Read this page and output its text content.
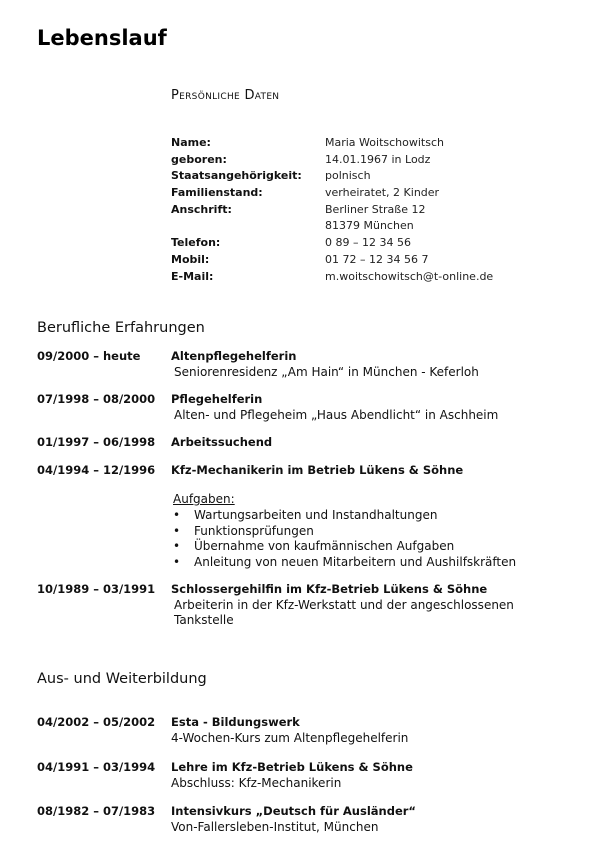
Lebenslauf
Persönliche Daten
Name:	Maria Woitschowitsch
geboren:	14.01.1967 in Lodz
Staatsangehörigkeit:	polnisch
Familienstand:	verheiratet, 2 Kinder
Anschrift:	Berliner Straße 12
81379 München
Telefon:	0 89 – 12 34 56
Mobil:	01 72 – 12 34 56 7
E-Mail:	m.woitschowitsch@t-online.de
Berufliche Erfahrungen
09/2000 – heute	Altenpflegehelferin
Seniorenresidenz „Am Hain“ in München - Keferloh
07/1998 – 08/2000	Pflegehelferin
Alten- und Pflegeheim „Haus Abendlicht“ in Aschheim
01/1997 – 06/1998	Arbeitssuchend
04/1994 – 12/1996	Kfz-Mechanikerin im Betrieb Lükens & Söhne
Aufgaben:
•	Wartungsarbeiten und Instandhaltungen
•	Funktionsprüfungen
•	Übernahme von kaufmännischen Aufgaben
•	Anleitung von neuen Mitarbeitern und Aushilfskräften
10/1989 – 03/1991	Schlossergehilfin im Kfz-Betrieb Lükens & Söhne
Arbeiterin in der Kfz-Werkstatt und der angeschlossenen
Tankstelle
Aus- und Weiterbildung
04/2002 – 05/2002	Esta - Bildungswerk
4-Wochen-Kurs zum Altenpflegehelferin
04/1991 – 03/1994	Lehre im Kfz-Betrieb Lükens & Söhne
Abschluss: Kfz-Mechanikerin
08/1982 – 07/1983	Intensivkurs „Deutsch für Ausländer“
Von-Fallersleben-Institut, München
